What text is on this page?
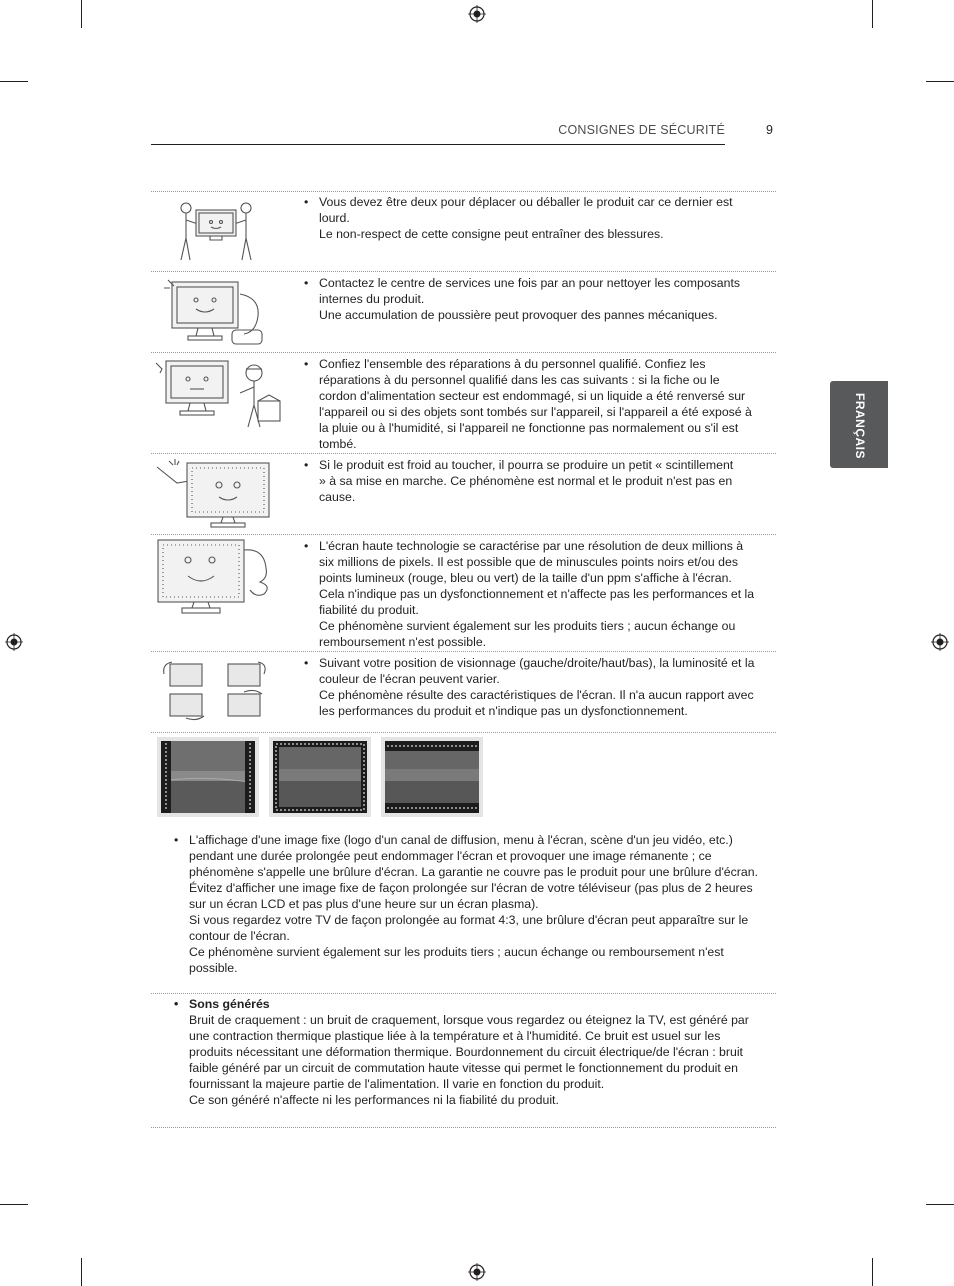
CONSIGNES DE SÉCURITÉ	9
FRANÇAIS
• Vous devez être deux pour déplacer ou déballer le produit car ce dernier est lourd.
Le non-respect de cette consigne peut entraîner des blessures.
• Contactez le centre de services une fois par an pour nettoyer les composants internes du produit.
Une accumulation de poussière peut provoquer des pannes mécaniques.
• Confiez l'ensemble des réparations à du personnel qualifié. Confiez les réparations à du personnel qualifié dans les cas suivants : si la fiche ou le cordon d'alimentation secteur est endommagé, si un liquide a été renversé sur l'appareil ou si des objets sont tombés sur l'appareil, si l'appareil a été exposé à la pluie ou à l'humidité, si l'appareil ne fonctionne pas normalement ou s'il est tombé.
• Si le produit est froid au toucher, il pourra se produire un petit « scintillement » à sa mise en marche. Ce phénomène est normal et le produit n'est pas en cause.
• L'écran haute technologie se caractérise par une résolution de deux millions à six millions de pixels. Il est possible que de minuscules points noirs et/ou des points lumineux (rouge, bleu ou vert) de la taille d'un ppm s'affiche à l'écran. Cela n'indique pas un dysfonctionnement et n'affecte pas les performances et la fiabilité du produit.
Ce phénomène survient également sur les produits tiers ; aucun échange ou remboursement n'est possible.
• Suivant votre position de visionnage (gauche/droite/haut/bas), la luminosité et la couleur de l'écran peuvent varier.
Ce phénomène résulte des caractéristiques de l'écran. Il n'a aucun rapport avec les performances du produit et n'indique pas un dysfonctionnement.
• L'affichage d'une image fixe (logo d'un canal de diffusion, menu à l'écran, scène d'un jeu vidéo, etc.) pendant une durée prolongée peut endommager l'écran et provoquer une image rémanente ; ce phénomène s'appelle une brûlure d'écran. La garantie ne couvre pas le produit pour une brûlure d'écran.
Évitez d'afficher une image fixe de façon prolongée sur l'écran de votre téléviseur (pas plus de 2 heures sur un écran LCD et pas plus d'une heure sur un écran plasma).
Si vous regardez votre TV de façon prolongée au format 4:3, une brûlure d'écran peut apparaître sur le contour de l'écran.
Ce phénomène survient également sur les produits tiers ; aucun échange ou remboursement n'est possible.
• Sons générés
Bruit de craquement : un bruit de craquement, lorsque vous regardez ou éteignez la TV, est généré par une contraction thermique plastique liée à la température et à l'humidité. Ce bruit est usuel sur les produits nécessitant une déformation thermique. Bourdonnement du circuit électrique/de l'écran : bruit faible généré par un circuit de commutation haute vitesse qui permet le fonctionnement du produit en fournissant la majeure partie de l'alimentation. Il varie en fonction du produit.
Ce son généré n'affecte ni les performances ni la fiabilité du produit.
